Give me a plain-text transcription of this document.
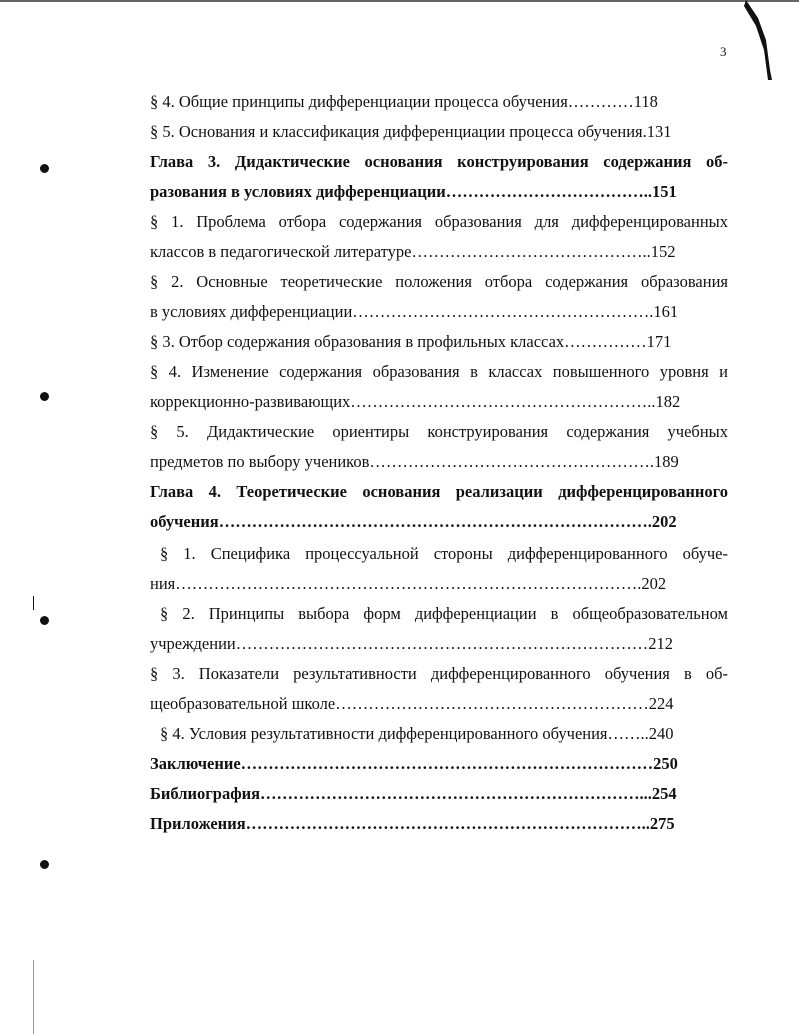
3
§ 4. Общие принципы дифференциации процесса обучения…………118
§ 5. Основания и классификация дифференциации процесса обучения.131
Глава 3. Дидактические основания конструирования содержания об-
разования в условиях дифференциации………………………………..151
§ 1. Проблема отбора содержания образования для дифференцированных
классов в педагогической литературе……………………………………..152
§ 2. Основные теоретические положения отбора содержания образования
в условиях дифференциации……………………………………………….161
§ 3. Отбор содержания образования в профильных классах……………171
§ 4. Изменение содержания образования в классах повышенного уровня и
коррекционно-развивающих………………………………………………..182
§ 5. Дидактические ориентиры конструирования содержания учебных
предметов по выбору учеников…………………………………………….189
Глава 4. Теоретические основания реализации дифференцированного
обучения…………………………………………………………………….202
§ 1. Специфика процессуальной стороны дифференцированного обуче-
ния………………………………………………………………………….202
§ 2. Принципы выбора форм дифференциации в общеобразовательном
учреждении…………………………………………………………………212
§ 3. Показатели результативности дифференцированного обучения в об-
щеобразовательной школе…………………………………………………224
§ 4. Условия результативности дифференцированного обучения……..240
Заключение…………………………………………………………………250
Библиография……………………………………………………………...254
Приложения………………………………………………………………..275
